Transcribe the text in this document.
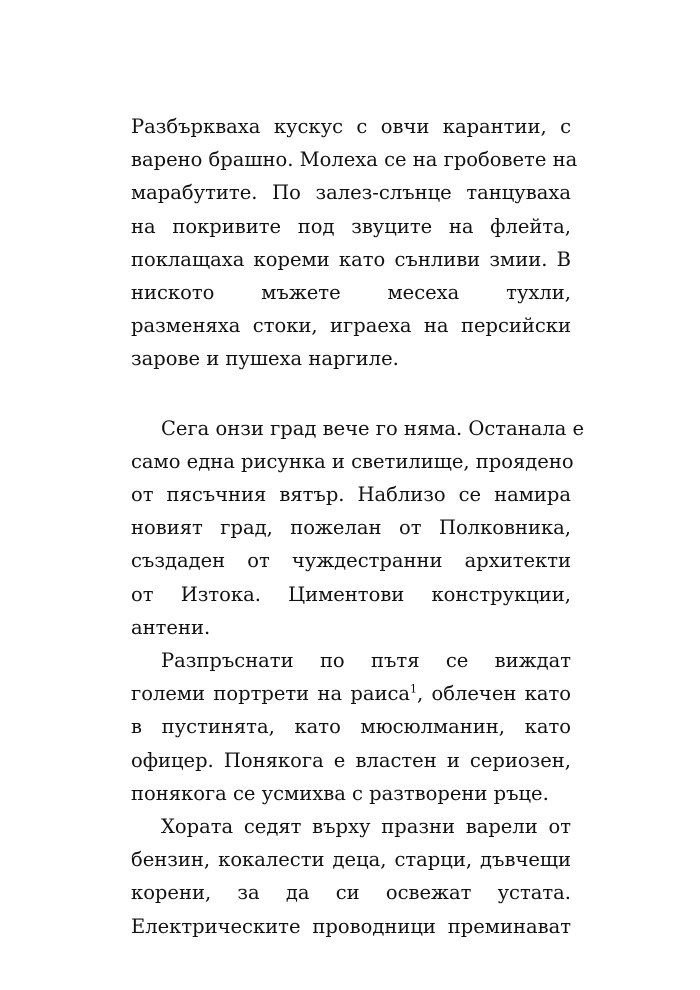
Разбъркваха кускус с овчи карантии, с
варено брашно. Молеха се на гробовете на
марабутите. По залез-слънце танцуваха
на покривите под звуците на флейта,
поклащаха кореми като сънливи змии. В
ниското мъжете месеха тухли,
разменяха стоки, играеха на персийски
зарове и пушеха наргиле.
Сега онзи град вече го няма. Останала е
само една рисунка и светилище, проядено
от пясъчния вятър. Наблизо се намира
новият град, пожелан от Полковника,
създаден от чуждестранни архитекти
от Изтока. Циментови конструкции,
антени.
Разпръснати по пътя се виждат
големи портрети на раиса$^1$, облечен като
в пустинята, като мюсюлманин, като
офицер. Понякога е властен и сериозен,
понякога се усмихва с разтворени ръце.
Хората седят върху празни варели от
бензин, кокалести деца, старци, дъвчещи
корени, за да си освежат устата.
Електрическите проводници преминават
